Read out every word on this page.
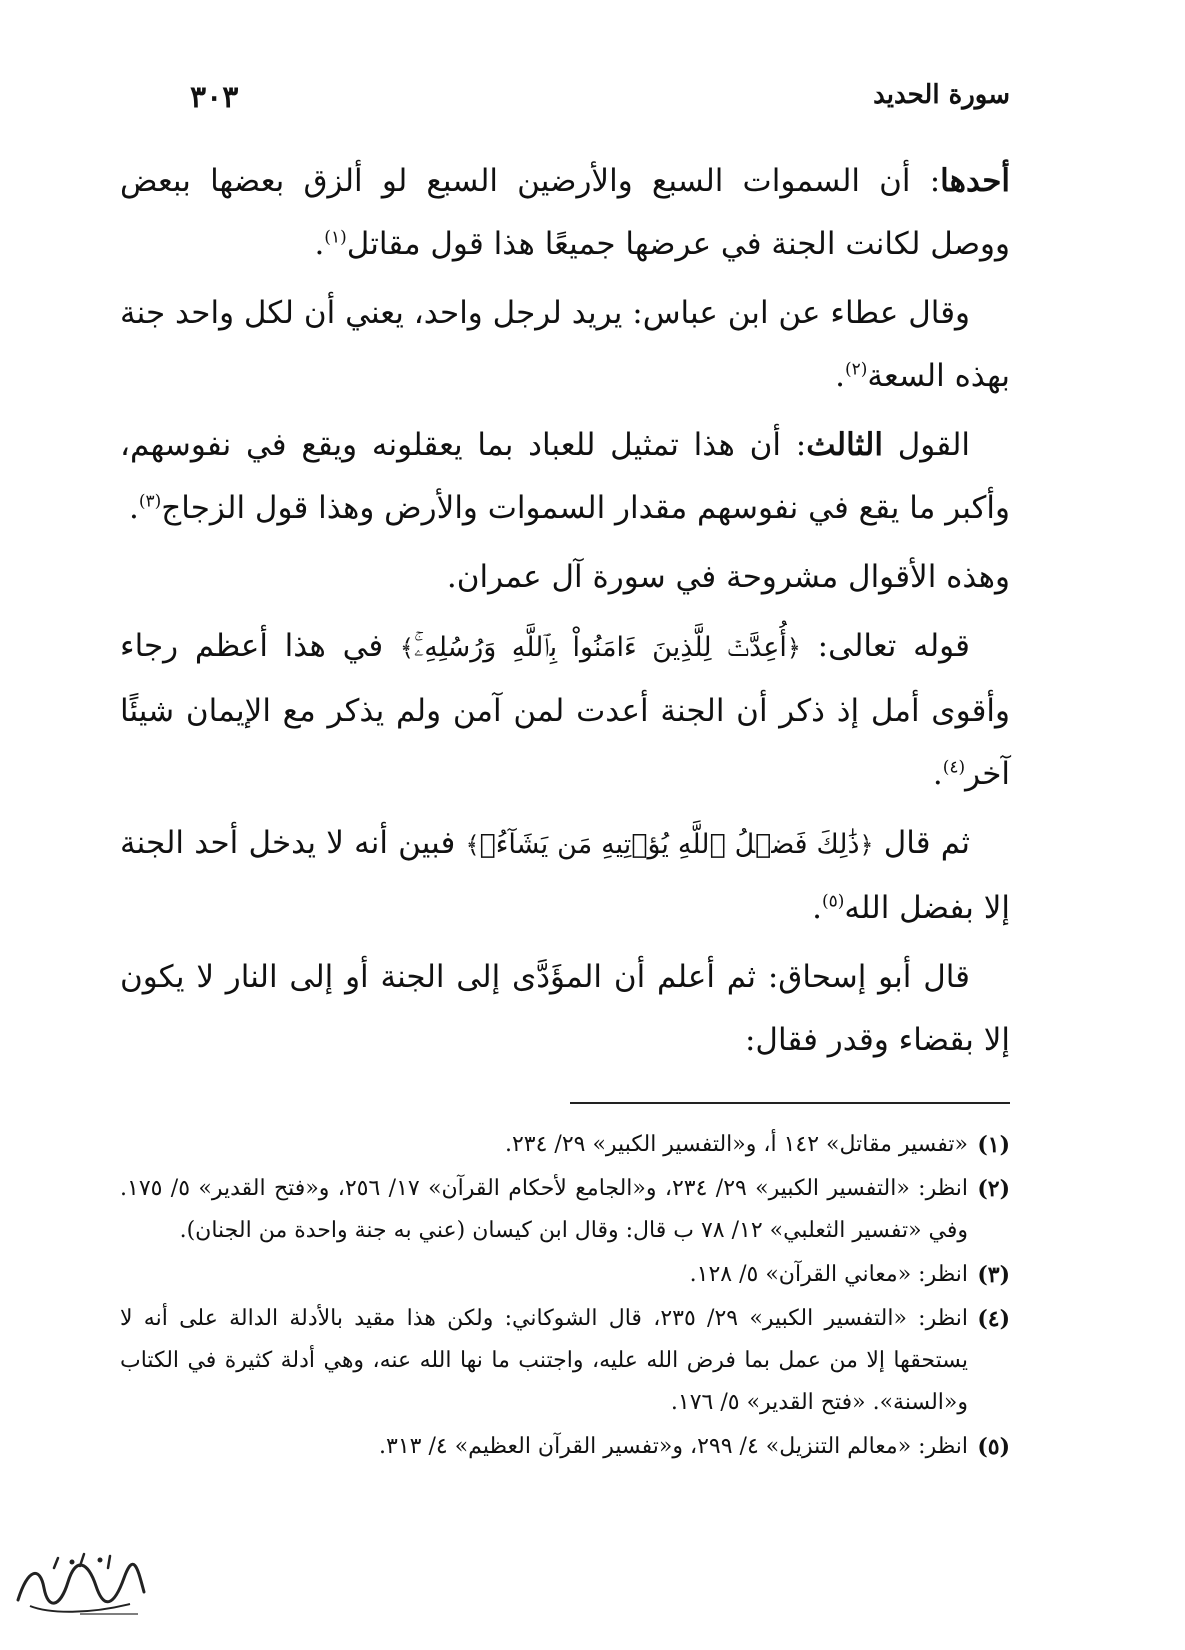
سورة الحديد
٣٠٣

أحدها: أن السموات السبع والأرضين السبع لو ألزق بعضها ببعض ووصل لكانت الجنة في عرضها جميعًا هذا قول مقاتل$^{(١)}$.

وقال عطاء عن ابن عباس: يريد لرجل واحد، يعني أن لكل واحد جنة بهذه السعة$^{(٢)}$.

القول الثالث: أن هذا تمثيل للعباد بما يعقلونه ويقع في نفوسهم، وأكبر ما يقع في نفوسهم مقدار السموات والأرض وهذا قول الزجاج$^{(٣)}$.

وهذه الأقوال مشروحة في سورة آل عمران.

قوله تعالى: ﴿أُعِدَّتۡ لِلَّذِينَ ءَامَنُواْ بِٱللَّهِ وَرُسُلِهِۦۚ﴾ في هذا أعظم رجاء وأقوى أمل إذ ذكر أن الجنة أعدت لمن آمن ولم يذكر مع الإيمان شيئًا آخر$^{(٤)}$.

ثم قال ﴿ذَٰلِكَ فَضۡلُ ٱللَّهِ يُؤۡتِيهِ مَن يَشَآءُۚ﴾ فبين أنه لا يدخل أحد الجنة إلا بفضل الله$^{(٥)}$.

قال أبو إسحاق: ثم أعلم أن المؤَدَّى إلى الجنة أو إلى النار لا يكون إلا بقضاء وقدر فقال:

(١)
«تفسير مقاتل» ١٤٢ أ، و«التفسير الكبير» ٢٩/ ٢٣٤.

(٢)
انظر: «التفسير الكبير» ٢٩/ ٢٣٤، و«الجامع لأحكام القرآن» ١٧/ ٢٥٦، و«فتح القدير» ٥/ ١٧٥. وفي «تفسير الثعلبي» ١٢/ ٧٨ ب قال: وقال ابن كيسان (عني به جنة واحدة من الجنان).

(٣)
انظر: «معاني القرآن» ٥/ ١٢٨.

(٤)
انظر: «التفسير الكبير» ٢٩/ ٢٣٥، قال الشوكاني: ولكن هذا مقيد بالأدلة الدالة على أنه لا يستحقها إلا من عمل بما فرض الله عليه، واجتنب ما نها الله عنه، وهي أدلة كثيرة في الكتاب و«السنة». «فتح القدير» ٥/ ١٧٦.

(٥)
انظر: «معالم التنزيل» ٤/ ٢٩٩، و«تفسير القرآن العظيم» ٤/ ٣١٣.
